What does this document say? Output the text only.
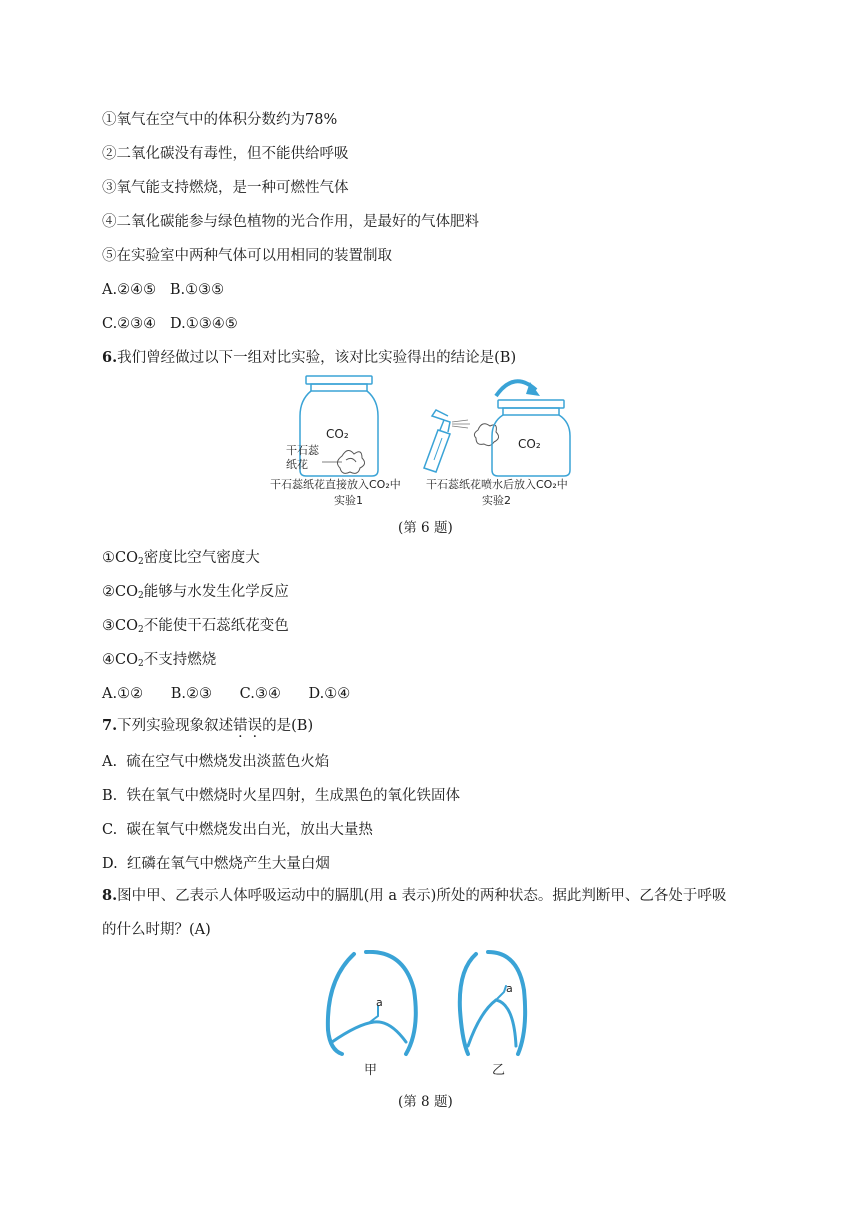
①氧气在空气中的体积分数约为78%
②二氧化碳没有毒性，但不能供给呼吸
③氧气能支持燃烧，是一种可燃性气体
④二氧化碳能参与绿色植物的光合作用，是最好的气体肥料
⑤在实验室中两种气体可以用相同的装置制取
A.②④⑤   B.①③⑤
C.②③④   D.①③④⑤
6.我们曾经做过以下一组对比实验，该对比实验得出的结论是(B)
CO₂
干石蕊
纸花
干石蕊纸花直接放入CO₂中
实验1
CO₂
干石蕊纸花喷水后放入CO₂中
实验2
(第 6 题)
$①CO_2$密度比空气密度大
$②CO_2$能够与水发生化学反应
$③CO_2$不能使干石蕊纸花变色
$④CO_2$不支持燃烧
A.①②      B.②③      C.③④      D.①④
7.下列实验现象叙述错误的是(B)
A.  硫在空气中燃烧发出淡蓝色火焰
B.  铁在氧气中燃烧时火星四射，生成黑色的氧化铁固体
C.  碳在氧气中燃烧发出白光，放出大量热
D.  红磷在氧气中燃烧产生大量白烟
8.图中甲、乙表示人体呼吸运动中的膈肌(用 a 表示)所处的两种状态。据此判断甲、乙各处于呼吸
的什么时期？(A)
a
甲
a
乙
(第 8 题)
